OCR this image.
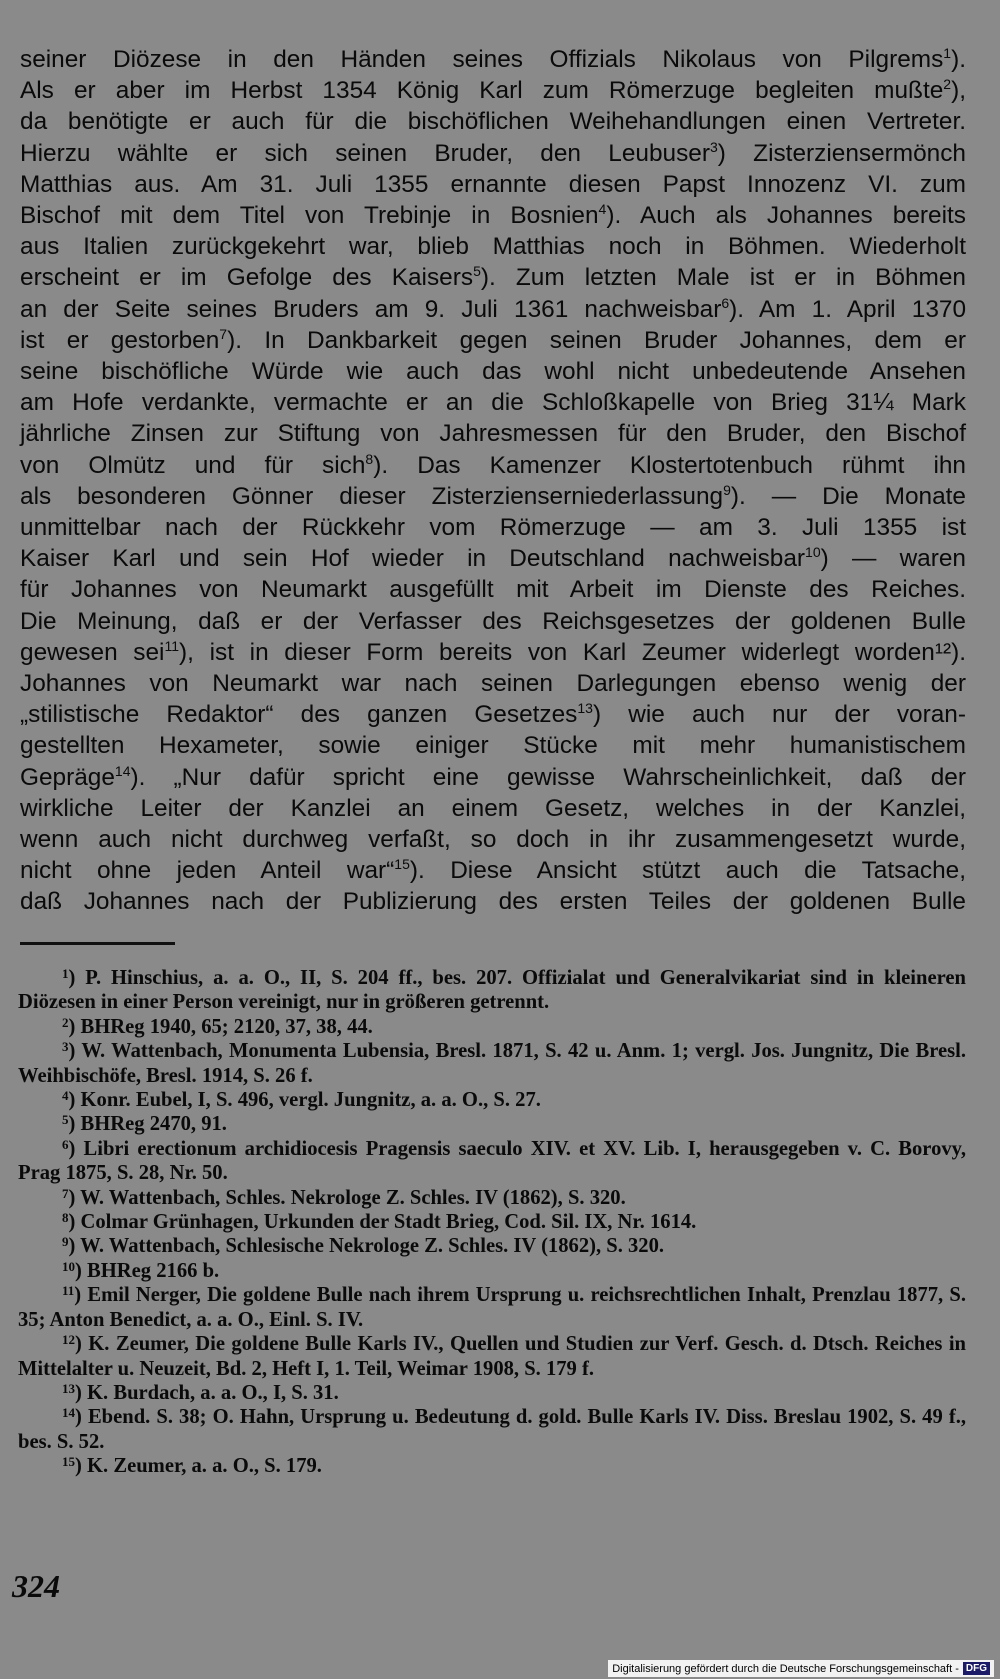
seiner Diözese in den Händen seines Offizials Nikolaus von Pilgrems$^1$).
Als er aber im Herbst 1354 König Karl zum Römerzuge begleiten mußte$^2$),
da benötigte er auch für die bischöflichen Weihehandlungen einen Vertreter.
Hierzu wählte er sich seinen Bruder, den Leubuser$^3$) Zisterziensermönch
Matthias aus. Am 31. Juli 1355 ernannte diesen Papst Innozenz VI. zum
Bischof mit dem Titel von Trebinje in Bosnien$^4$). Auch als Johannes bereits
aus Italien zurückgekehrt war, blieb Matthias noch in Böhmen. Wiederholt
erscheint er im Gefolge des Kaisers$^5$). Zum letzten Male ist er in Böhmen
an der Seite seines Bruders am 9. Juli 1361 nachweisbar$^6$). Am 1. April 1370
ist er gestorben$^7$). In Dankbarkeit gegen seinen Bruder Johannes, dem er
seine bischöfliche Würde wie auch das wohl nicht unbedeutende Ansehen
am Hofe verdankte, vermachte er an die Schloßkapelle von Brieg 31¼ Mark
jährliche Zinsen zur Stiftung von Jahresmessen für den Bruder, den Bischof
von Olmütz und für sich$^8$). Das Kamenzer Klostertotenbuch rühmt ihn
als besonderen Gönner dieser Zisterzienserniederlassung$^9$). — Die Monate
unmittelbar nach der Rückkehr vom Römerzuge — am 3. Juli 1355 ist
Kaiser Karl und sein Hof wieder in Deutschland nachweisbar$^{10}$) — waren
für Johannes von Neumarkt ausgefüllt mit Arbeit im Dienste des Reiches.
Die Meinung, daß er der Verfasser des Reichsgesetzes der goldenen Bulle
gewesen sei$^{11}$), ist in dieser Form bereits von Karl Zeumer widerlegt worden¹²).
Johannes von Neumarkt war nach seinen Darlegungen ebenso wenig der
„stilistische Redaktor“ des ganzen Gesetzes$^{13}$) wie auch nur der voran-
gestellten Hexameter, sowie einiger Stücke mit mehr humanistischem
Gepräge$^{14}$). „Nur dafür spricht eine gewisse Wahrscheinlichkeit, daß der
wirkliche Leiter der Kanzlei an einem Gesetz, welches in der Kanzlei,
wenn auch nicht durchweg verfaßt, so doch in ihr zusammengesetzt wurde,
nicht ohne jeden Anteil war“$^{15}$). Diese Ansicht stützt auch die Tatsache,
daß Johannes nach der Publizierung des ersten Teiles der goldenen Bulle

$^1$) P. Hinschius, a. a. O., II, S. 204 ff., bes. 207. Offizialat und Generalvikariat sind in kleineren Diözesen in einer Person vereinigt, nur in größeren getrennt.

$^2$) BHReg 1940, 65; 2120, 37, 38, 44.

$^3$) W. Wattenbach, Monumenta Lubensia, Bresl. 1871, S. 42 u. Anm. 1; vergl. Jos. Jungnitz, Die Bresl. Weihbischöfe, Bresl. 1914, S. 26 f.

$^4$) Konr. Eubel, I, S. 496, vergl. Jungnitz, a. a. O., S. 27.

$^5$) BHReg 2470, 91.

$^6$) Libri erectionum archidiocesis Pragensis saeculo XIV. et XV. Lib. I, herausgegeben v. C. Borovy, Prag 1875, S. 28, Nr. 50.

$^7$) W. Wattenbach, Schles. Nekrologe Z. Schles. IV (1862), S. 320.

$^8$) Colmar Grünhagen, Urkunden der Stadt Brieg, Cod. Sil. IX, Nr. 1614.

$^9$) W. Wattenbach, Schlesische Nekrologe Z. Schles. IV (1862), S. 320.

$^{10}$) BHReg 2166 b.

$^{11}$) Emil Nerger, Die goldene Bulle nach ihrem Ursprung u. reichsrechtlichen Inhalt, Prenzlau 1877, S. 35; Anton Benedict, a. a. O., Einl. S. IV.

$^{12}$) K. Zeumer, Die goldene Bulle Karls IV., Quellen und Studien zur Verf. Gesch. d. Dtsch. Reiches in Mittelalter u. Neuzeit, Bd. 2, Heft I, 1. Teil, Weimar 1908, S. 179 f.

$^{13}$) K. Burdach, a. a. O., I, S. 31.

$^{14}$) Ebend. S. 38; O. Hahn, Ursprung u. Bedeutung d. gold. Bulle Karls IV. Diss. Breslau 1902, S. 49 f., bes. S. 52.

$^{15}$) K. Zeumer, a. a. O., S. 179.

324
Digitalisierung gefördert durch die Deutsche Forschungsgemeinschaft - DFG
